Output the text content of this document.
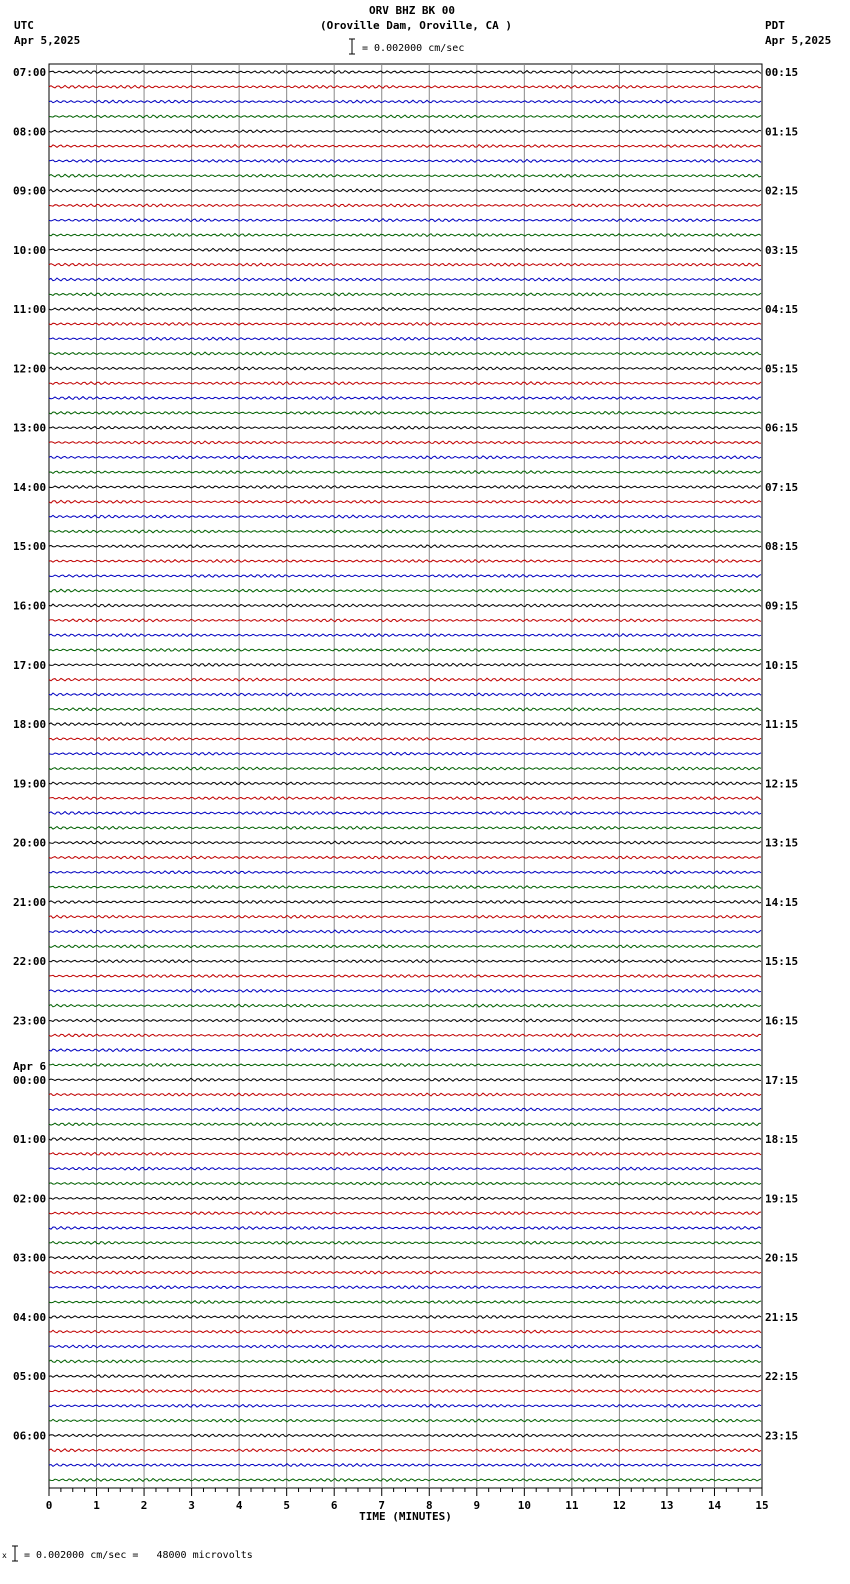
ORV BHZ BK 00
(Oroville Dam, Oroville, CA )
UTC
Apr 5,2025
PDT
Apr 5,2025
= 0.002000 cm/sec
07:00
08:00
09:00
10:00
11:00
12:00
13:00
14:00
15:00
16:00
17:00
18:00
19:00
20:00
21:00
22:00
23:00
00:00
01:00
02:00
03:00
04:00
05:00
06:00
00:15
01:15
02:15
03:15
04:15
05:15
06:15
07:15
08:15
09:15
10:15
11:15
12:15
13:15
14:15
15:15
16:15
17:15
18:15
19:15
20:15
21:15
22:15
23:15
Apr 6
0	1	2	3	4	5	6	7	8	9	10	11	12	13	14	15
TIME (MINUTES)
x = 0.002000 cm/sec =   48000 microvolts
